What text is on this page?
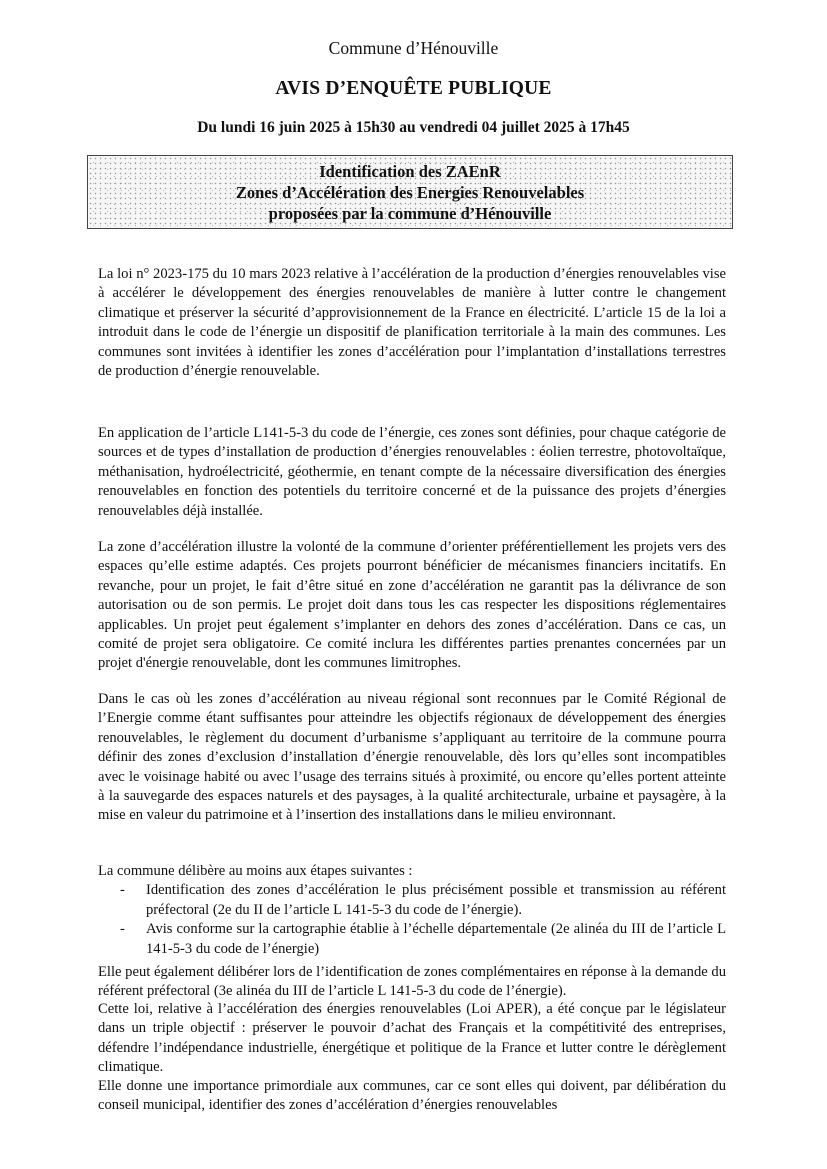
Commune d’Hénouville
AVIS D’ENQUÊTE PUBLIQUE
Du lundi 16 juin 2025 à 15h30 au vendredi 04 juillet 2025 à 17h45
Identification des ZAEnR
Zones d’Accélération des Energies Renouvelables
proposées par la commune d’Hénouville
La loi n° 2023-175 du 10 mars 2023 relative à l’accélération de la production d’énergies renouvelables vise à accélérer le développement des énergies renouvelables de manière à lutter contre le changement climatique et préserver la sécurité d’approvisionnement de la France en électricité. L’article 15 de la loi a introduit dans le code de l’énergie un dispositif de planification territoriale à la main des communes. Les communes sont invitées à identifier les zones d’accélération pour l’implantation d’installations terrestres de production d’énergie renouvelable.
En application de l’article L141-5-3 du code de l’énergie, ces zones sont définies, pour chaque catégorie de sources et de types d’installation de production d’énergies renouvelables : éolien terrestre, photovoltaïque, méthanisation, hydroélectricité, géothermie, en tenant compte de la nécessaire diversification des énergies renouvelables en fonction des potentiels du territoire concerné et de la puissance des projets d’énergies renouvelables déjà installée.
La zone d’accélération illustre la volonté de la commune d’orienter préférentiellement les projets vers des espaces qu’elle estime adaptés. Ces projets pourront bénéficier de mécanismes financiers incitatifs. En revanche, pour un projet, le fait d’être situé en zone d’accélération ne garantit pas la délivrance de son autorisation ou de son permis. Le projet doit dans tous les cas respecter les dispositions réglementaires applicables. Un projet peut également s’implanter en dehors des zones d’accélération. Dans ce cas, un comité de projet sera obligatoire. Ce comité inclura les différentes parties prenantes concernées par un projet d'énergie renouvelable, dont les communes limitrophes.
Dans le cas où les zones d’accélération au niveau régional sont reconnues par le Comité Régional de l’Energie comme étant suffisantes pour atteindre les objectifs régionaux de développement des énergies renouvelables, le règlement du document d’urbanisme s’appliquant au territoire de la commune pourra définir des zones d’exclusion d’installation d’énergie renouvelable, dès lors qu’elles sont incompatibles avec le voisinage habité ou avec l’usage des terrains situés à proximité, ou encore qu’elles portent atteinte à la sauvegarde des espaces naturels et des paysages, à la qualité architecturale, urbaine et paysagère, à la mise en valeur du patrimoine et à l’insertion des installations dans le milieu environnant.
La commune délibère au moins aux étapes suivantes :
- Identification des zones d’accélération le plus précisément possible et transmission au référent préfectoral (2e du II de l’article L 141-5-3 du code de l’énergie).
- Avis conforme sur la cartographie établie à l’échelle départementale (2e alinéa du III de l’article L 141-5-3 du code de l’énergie)
Elle peut également délibérer lors de l’identification de zones complémentaires en réponse à la demande du référent préfectoral (3e alinéa du III de l’article L 141-5-3 du code de l’énergie).
Cette loi, relative à l’accélération des énergies renouvelables (Loi APER), a été conçue par le législateur dans un triple objectif : préserver le pouvoir d’achat des Français et la compétitivité des entreprises, défendre l’indépendance industrielle, énergétique et politique de la France et lutter contre le dérèglement climatique.
Elle donne une importance primordiale aux communes, car ce sont elles qui doivent, par délibération du conseil municipal, identifier des zones d’accélération d’énergies renouvelables
